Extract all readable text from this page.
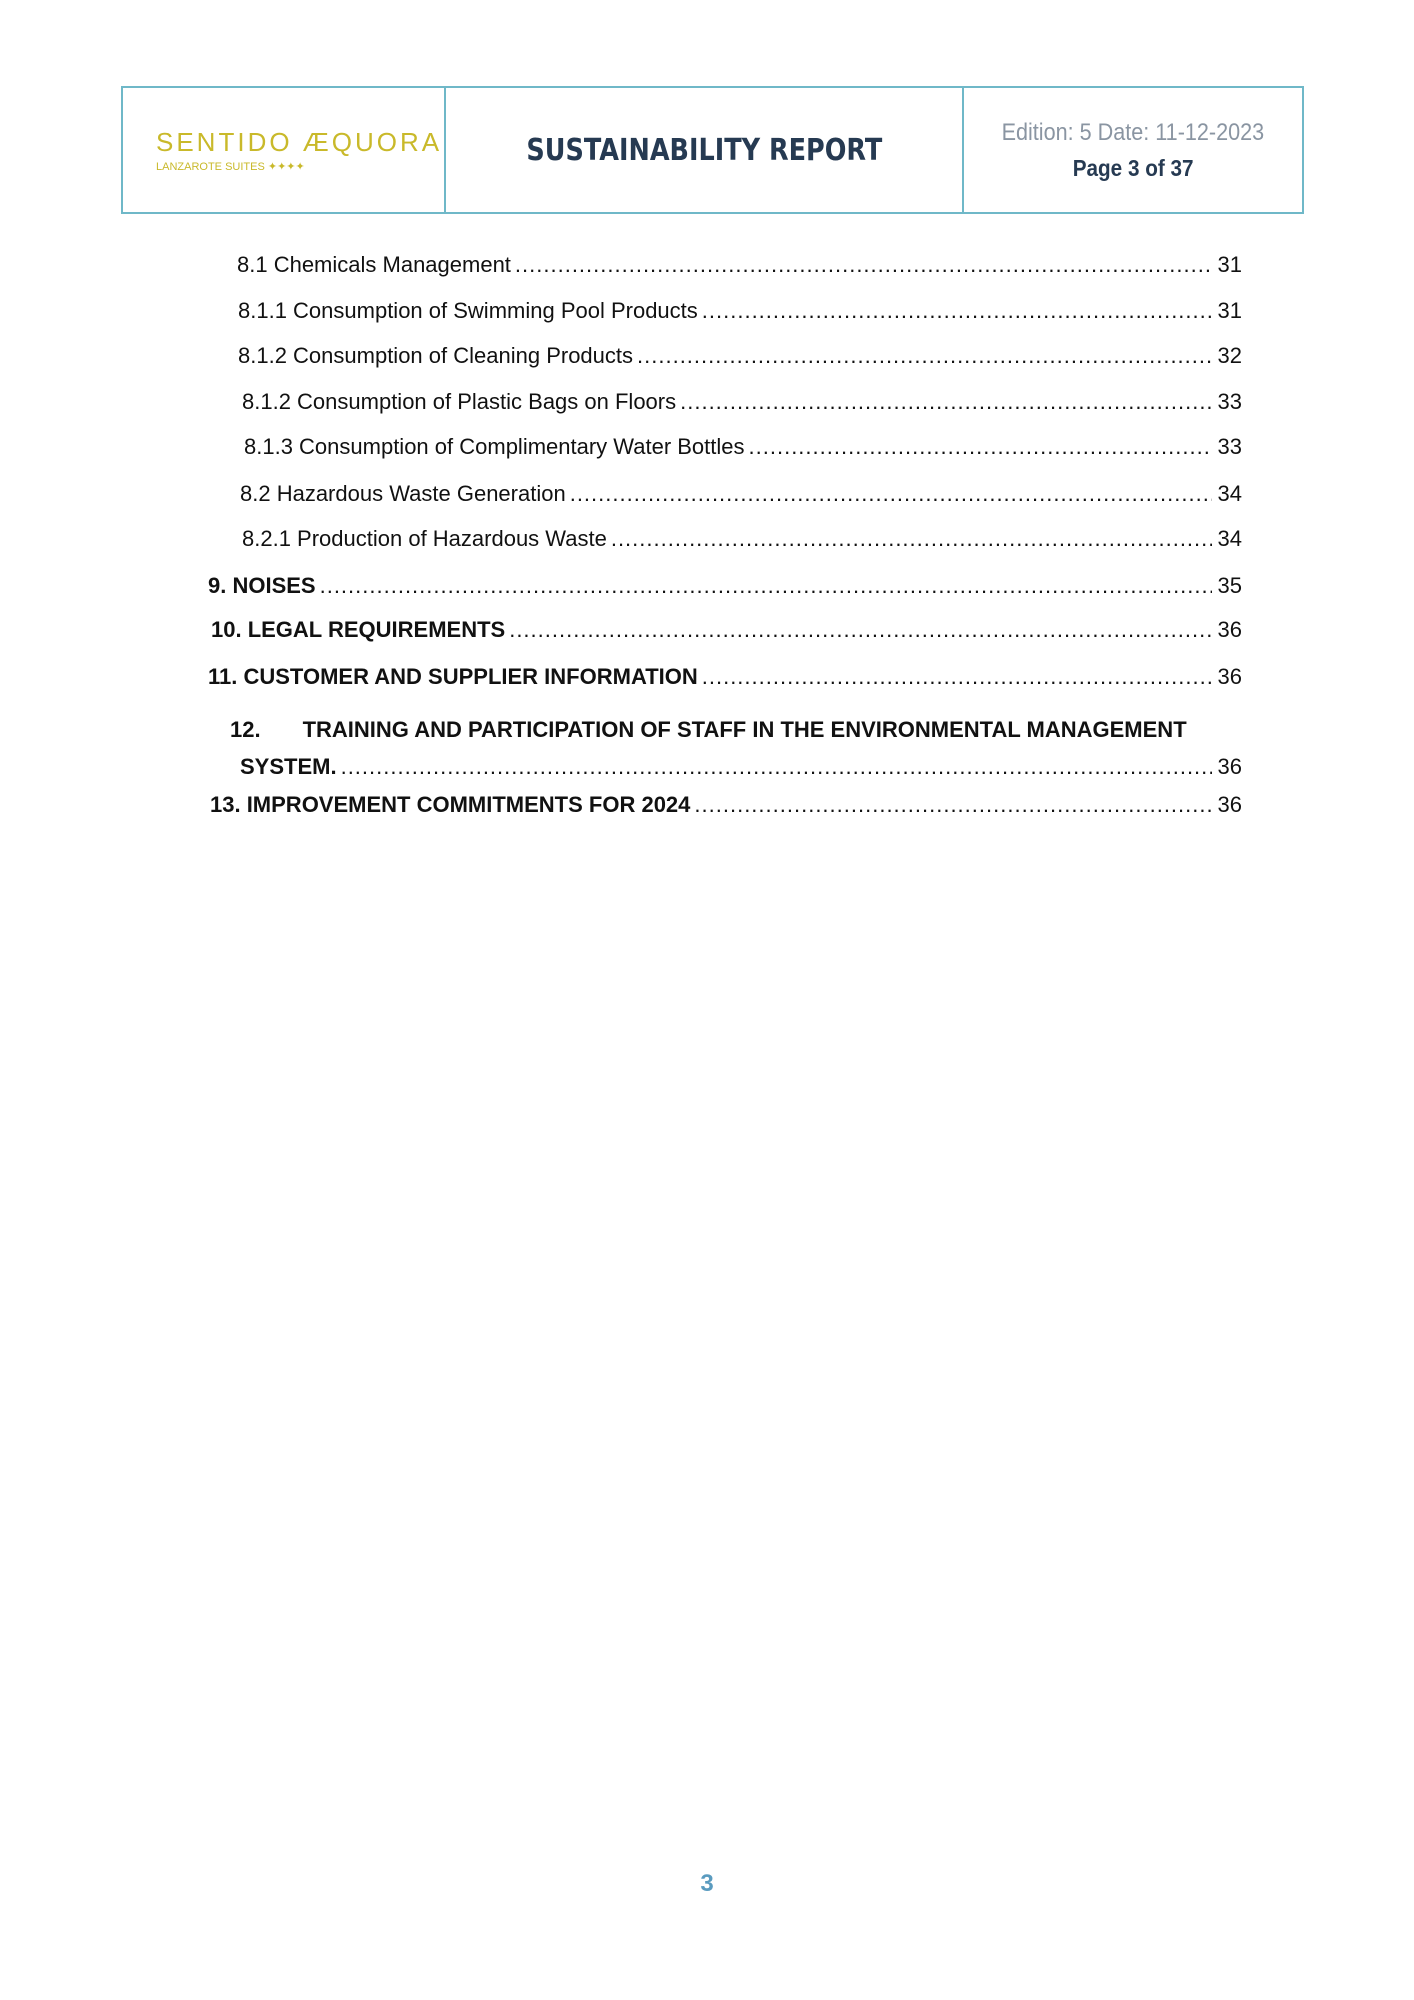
SENTIDO ÆQUORA
LANZAROTE SUITES ✦✦✦✦	SUSTAINABILITY REPORT
Edition: 5 Date: 11-12-2023
Page 3 of 37
8.1 Chemicals Management .....	31
8.1.1 Consumption of Swimming Pool Products .....	31
8.1.2 Consumption of Cleaning Products .....	32
8.1.2 Consumption of Plastic Bags on Floors .....	33
8.1.3 Consumption of Complimentary Water Bottles .....	33
8.2 Hazardous Waste Generation .....	34
8.2.1 Production of Hazardous Waste .....	34
9. NOISES .....	35
10. LEGAL REQUIREMENTS .....	36
11. CUSTOMER AND SUPPLIER INFORMATION .....	36
12. TRAINING AND PARTICIPATION OF STAFF IN THE ENVIRONMENTAL MANAGEMENT
SYSTEM. .....	36
13. IMPROVEMENT COMMITMENTS FOR 2024 .....	36
3
